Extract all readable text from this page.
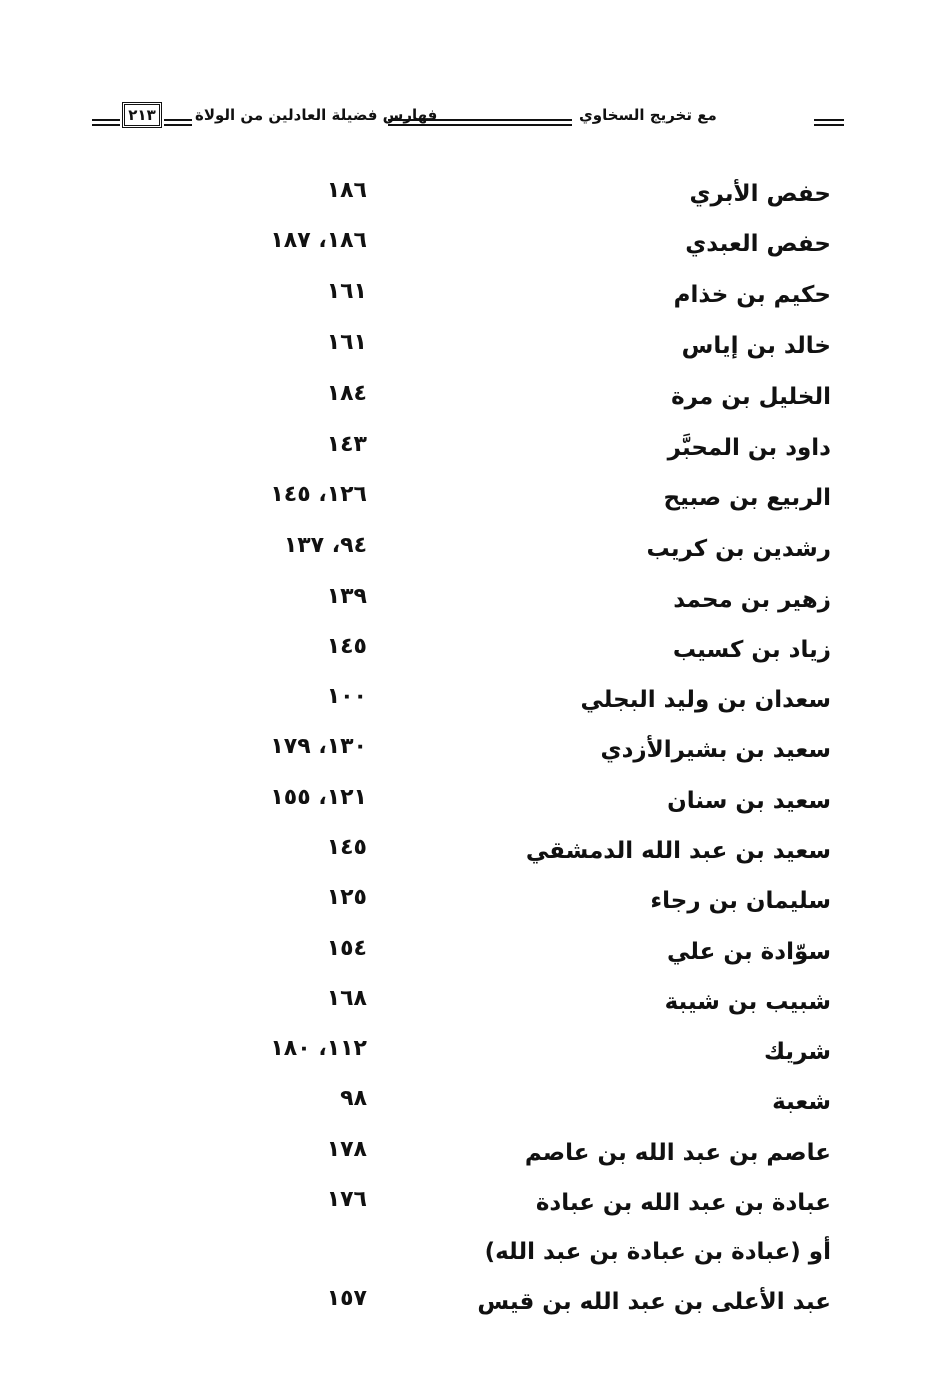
٢١٣	فهارس فضيلة العادلين من الولاة	مع تخريج السخاوي
حفص الأبري
١٨٦
حفص العبدي
١٨٦، ١٨٧
حكيم بن خذام
١٦١
خالد بن إياس
١٦١
الخليل بن مرة
١٨٤
داود بن المحبَّر
١٤٣
الربيع بن صبيح
١٢٦، ١٤٥
رشدين بن كريب
٩٤، ١٣٧
زهير بن محمد
١٣٩
زياد بن كسيب
١٤٥
سعدان بن وليد البجلي
١٠٠
سعيد بن بشيرالأزدي
١٣٠، ١٧٩
سعيد بن سنان
١٢١، ١٥٥
سعيد بن عبد الله الدمشقي
١٤٥
سليمان بن رجاء
١٢٥
سوّادة بن علي
١٥٤
شبيب بن شيبة
١٦٨
شريك
١١٢، ١٨٠
شعبة
٩٨
عاصم بن عبد الله بن عاصم
١٧٨
عبادة بن عبد الله بن عبادة
١٧٦
أو (عبادة بن عبادة بن عبد الله)
عبد الأعلى بن عبد الله بن قيس
١٥٧
